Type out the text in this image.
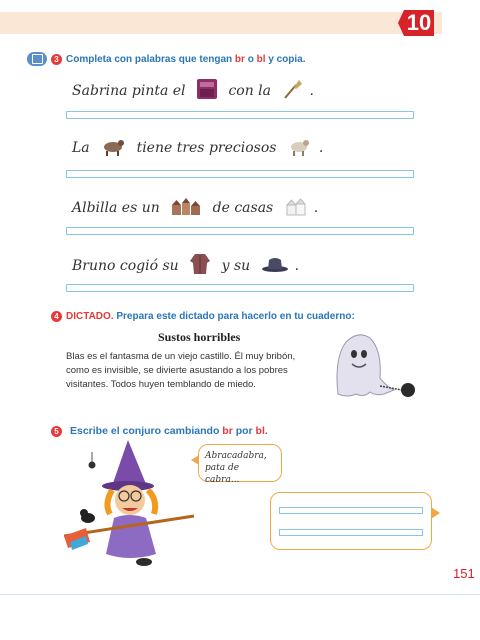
10
3 Completa con palabras que tengan br o bl y copia.
Sabrina pinta el	con la	.
La	tiene tres preciosos	.
Albilla es un	de casas	.
Bruno cogió su	y su	.
4 DICTADO. Prepara este dictado para hacerlo en tu cuaderno:
Sustos horribles
Blas es el fantasma de un viejo castillo. Él muy bribón, como es invisible, se divierte asustando a los pobres visitantes. Todos huyen temblando de miedo.
5	Escribe el conjuro cambiando br por bl.
Abracadabra,
pata de cabra...
151
